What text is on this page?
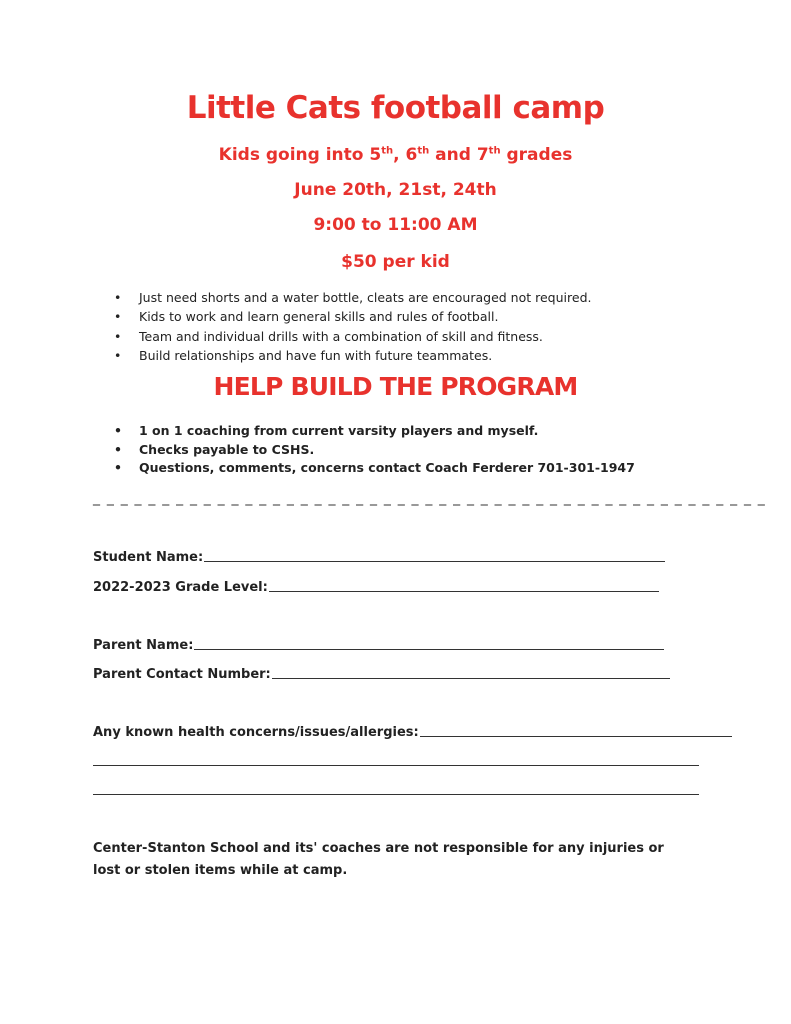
Little Cats football camp

Kids going into 5th, 6th and 7th grades

June 20th, 21st, 24th

9:00 to 11:00 AM

$50 per kid

• Just need shorts and a water bottle, cleats are encouraged not required.
• Kids to work and learn general skills and rules of football.
• Team and individual drills with a combination of skill and fitness.
• Build relationships and have fun with future teammates.
HELP BUILD THE PROGRAM
• 1 on 1 coaching from current varsity players and myself.
• Checks payable to CSHS.
• Questions, comments, concerns contact Coach Ferderer 701-301-1947
_ _ _ _ _ _ _ _ _ _ _ _ _ _ _ _ _ _ _ _ _ _ _ _ _ _ _ _ _ _ _ _ _ _ _ _ _ _ _ _ _ _ _ _ _ _ _ _ _
Student Name:
2022-2023 Grade Level:
Parent Name:
Parent Contact Number:
Any known health concerns/issues/allergies:

Center-Stanton School and its' coaches are not responsible for any injuries or lost or stolen items while at camp.
